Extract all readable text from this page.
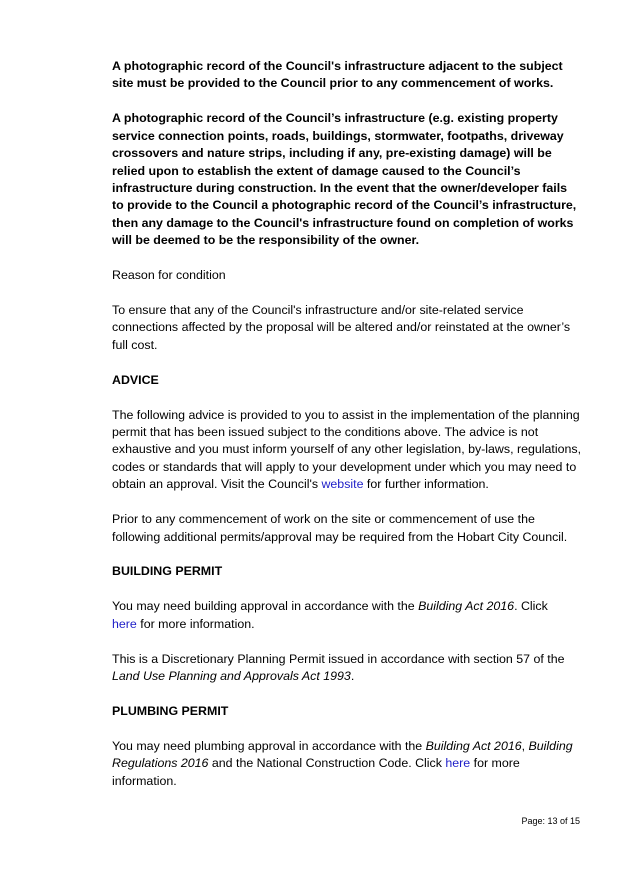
A photographic record of the Council's infrastructure adjacent to the subject site must be provided to the Council prior to any commencement of works.

A photographic record of the Council’s infrastructure (e.g. existing property service connection points, roads, buildings, stormwater, footpaths, driveway crossovers and nature strips, including if any, pre-existing damage) will be relied upon to establish the extent of damage caused to the Council’s infrastructure during construction. In the event that the owner/developer fails to provide to the Council a photographic record of the Council’s infrastructure, then any damage to the Council's infrastructure found on completion of works will be deemed to be the responsibility of the owner.

Reason for condition

To ensure that any of the Council's infrastructure and/or site-related service connections affected by the proposal will be altered and/or reinstated at the owner’s full cost.

ADVICE

The following advice is provided to you to assist in the implementation of the planning permit that has been issued subject to the conditions above. The advice is not exhaustive and you must inform yourself of any other legislation, by-laws, regulations, codes or standards that will apply to your development under which you may need to obtain an approval. Visit the Council's website for further information.

Prior to any commencement of work on the site or commencement of use the following additional permits/approval may be required from the Hobart City Council.

BUILDING PERMIT

You may need building approval in accordance with the Building Act 2016. Click
here for more information.

This is a Discretionary Planning Permit issued in accordance with section 57 of the Land Use Planning and Approvals Act 1993.

PLUMBING PERMIT

You may need plumbing approval in accordance with the Building Act 2016, Building Regulations 2016 and the National Construction Code. Click here for more information.

Page: 13 of 15
